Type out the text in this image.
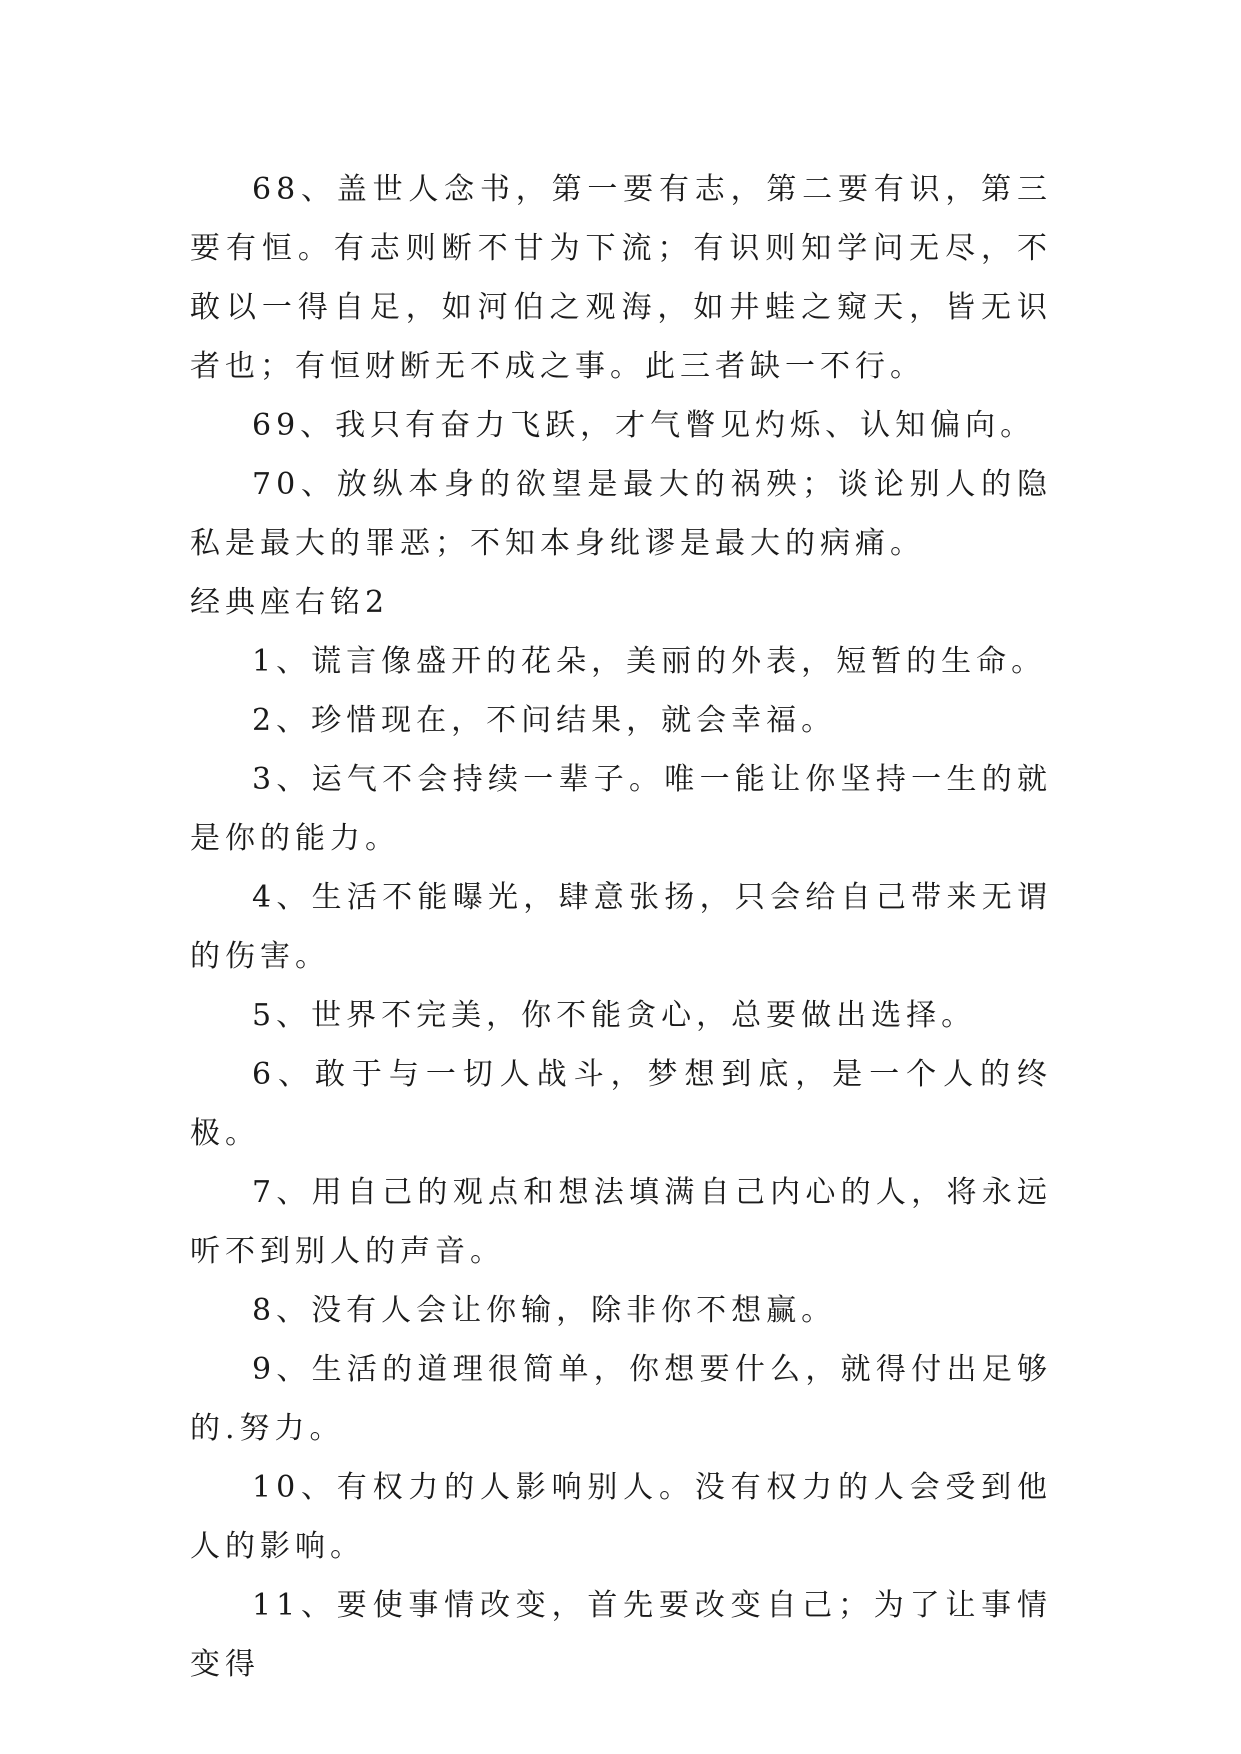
68、盖世人念书，第一要有志，第二要有识，第三要有恒。有志则断不甘为下流；有识则知学问无尽，不敢以一得自足，如河伯之观海，如井蛙之窥天，皆无识者也；有恒财断无不成之事。此三者缺一不行。

69、我只有奋力飞跃，才气瞥见灼烁、认知偏向。

70、放纵本身的欲望是最大的祸殃；谈论别人的隐私是最大的罪恶；不知本身纰谬是最大的病痛。

经典座右铭2

1、谎言像盛开的花朵，美丽的外表，短暂的生命。

2、珍惜现在，不问结果，就会幸福。

3、运气不会持续一辈子。唯一能让你坚持一生的就是你的能力。

4、生活不能曝光，肆意张扬，只会给自己带来无谓的伤害。

5、世界不完美，你不能贪心，总要做出选择。

6、敢于与一切人战斗，梦想到底，是一个人的终极。

7、用自己的观点和想法填满自己内心的人，将永远听不到别人的声音。

8、没有人会让你输，除非你不想赢。

9、生活的道理很简单，你想要什么，就得付出足够的.努力。

10、有权力的人影响别人。没有权力的人会受到他人的影响。

11、要使事情改变，首先要改变自己；为了让事情变得
